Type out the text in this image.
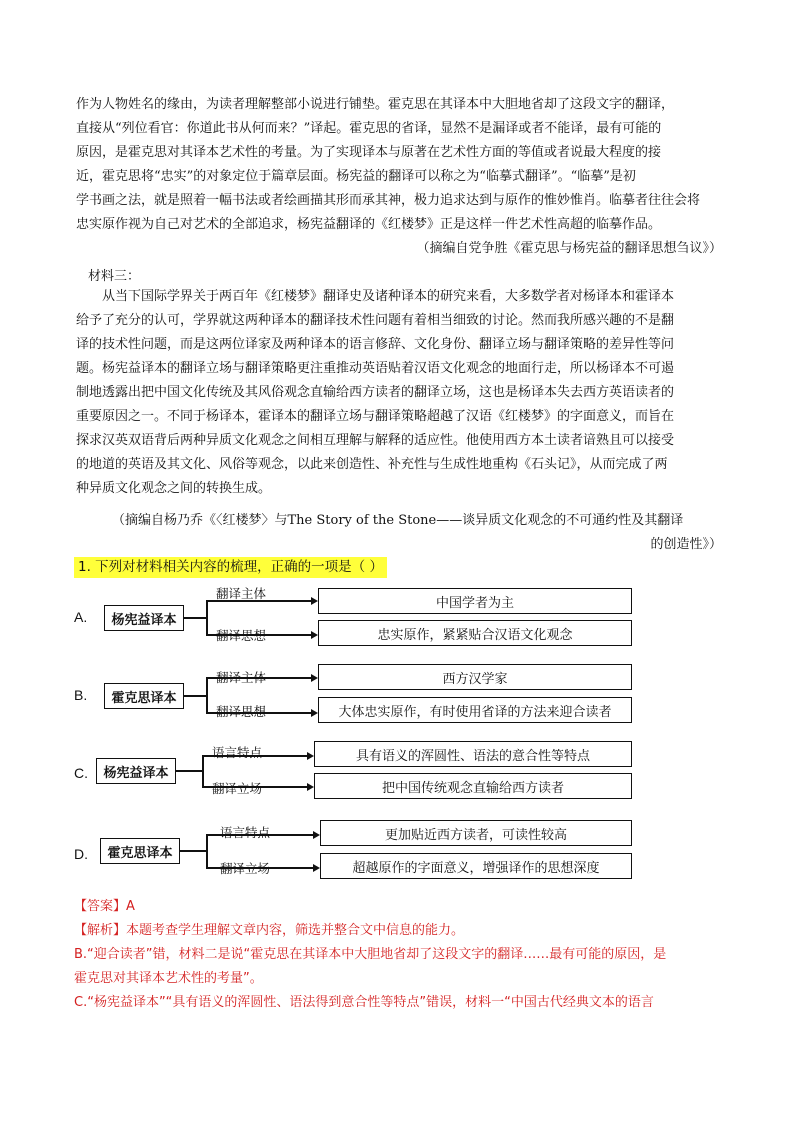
作为人物姓名的缘由，为读者理解整部小说进行铺垫。霍克思在其译本中大胆地省却了这段文字的翻译，
直接从“列位看官：你道此书从何而来？”译起。霍克思的省译，显然不是漏译或者不能译，最有可能的
原因，是霍克思对其译本艺术性的考量。为了实现译本与原著在艺术性方面的等值或者说最大程度的接
近，霍克思将“忠实”的对象定位于篇章层面。杨宪益的翻译可以称之为“临摹式翻译”。“临摹”是初
学书画之法，就是照着一幅书法或者绘画描其形而承其神，极力追求达到与原作的惟妙惟肖。临摹者往往会将
忠实原作视为自己对艺术的全部追求，杨宪益翻译的《红楼梦》正是这样一件艺术性高超的临摹作品。
（摘编自党争胜《霍克思与杨宪益的翻译思想刍议》）
材料三：
从当下国际学界关于两百年《红楼梦》翻译史及诸种译本的研究来看，大多数学者对杨译本和霍译本
给予了充分的认可，学界就这两种译本的翻译技术性问题有着相当细致的讨论。然而我所感兴趣的不是翻
译的技术性问题，而是这两位译家及两种译本的语言修辞、文化身份、翻译立场与翻译策略的差异性等问
题。杨宪益译本的翻译立场与翻译策略更注重推动英语贴着汉语文化观念的地面行走，所以杨译本不可遏
制地透露出把中国文化传统及其风俗观念直输给西方读者的翻译立场，这也是杨译本失去西方英语读者的
重要原因之一。不同于杨译本，霍译本的翻译立场与翻译策略超越了汉语《红楼梦》的字面意义，而旨在
探求汉英双语背后两种异质文化观念之间相互理解与解释的适应性。他使用西方本土读者谙熟且可以接受
的地道的英语及其文化、风俗等观念，以此来创造性、补充性与生成性地重构《石头记》，从而完成了两
种异质文化观念之间的转换生成。
（摘编自杨乃乔《〈红楼梦〉与The Story of the Stone——谈异质文化观念的不可通约性及其翻译
的创造性》）
1. 下列对材料相关内容的梳理，正确的一项是（ ）
A.	杨宪益译本
翻译主体
翻译思想
中国学者为主
忠实原作，紧紧贴合汉语文化观念
B.	霍克思译本
翻译主体
翻译思想
西方汉学家
大体忠实原作，有时使用省译的方法来迎合读者
C.	杨宪益译本
语言特点
翻译立场
具有语义的浑圆性、语法的意合性等特点
把中国传统观念直输给西方读者
D.	霍克思译本
语言特点
翻译立场
更加贴近西方读者，可读性较高
超越原作的字面意义，增强译作的思想深度
【答案】A
【解析】本题考查学生理解文章内容，筛选并整合文中信息的能力。
B.“迎合读者”错，材料二是说“霍克思在其译本中大胆地省却了这段文字的翻译……最有可能的原因，是
霍克思对其译本艺术性的考量”。
C.“杨宪益译本”“具有语义的浑圆性、语法得到意合性等特点”错误，材料一“中国古代经典文本的语言
